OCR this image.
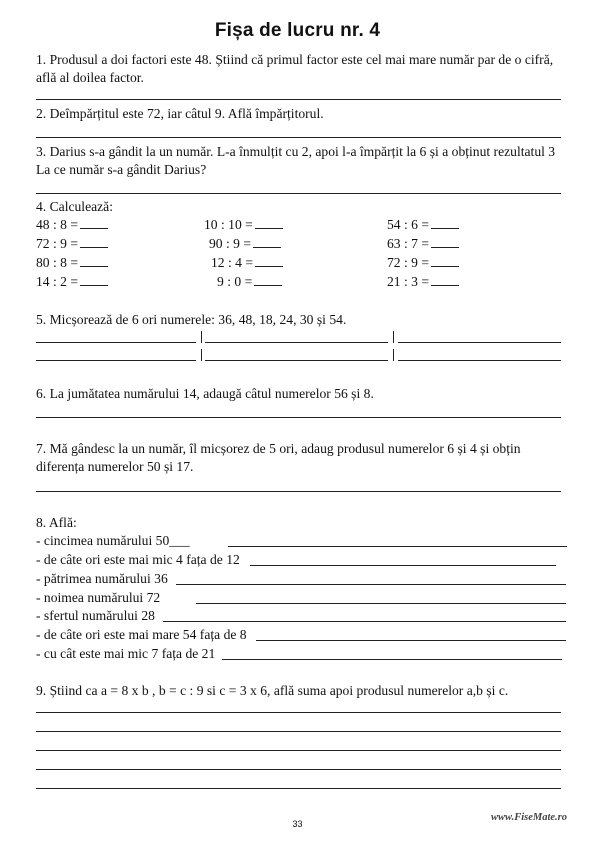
Fișa de lucru nr. 4
1. Produsul a doi factori este 48. Știind că primul factor este cel mai mare număr par de o cifră,
află al doilea factor.
2. Deîmpărțitul este 72, iar câtul 9. Află împărțitorul.
3. Darius s-a gândit la un număr. L-a înmulțit cu 2, apoi l-a împărțit la 6 și a obținut rezultatul 3
La ce număr s-a gândit Darius?
4. Calculează:
48 : 8 =
72 : 9 =
80 : 8 =
14 : 2 =
10 : 10 =
90 : 9 =
12 : 4 =
9 : 0 =
54 : 6 =
63 : 7 =
72 : 9 =
21 : 3 =
5. Micșorează de 6 ori numerele: 36, 48, 18, 24, 30 și 54.
6. La jumătatea numărului 14, adaugă câtul numerelor 56 și 8.
7. Mă gândesc la un număr, îl micșorez de 5 ori, adaug produsul numerelor 6 și 4 și obțin
diferența numerelor 50 și 17.
8. Află:
- cincimea numărului 50___
- de câte ori este mai mic 4 fața de 12
- pătrimea numărului 36
- noimea numărului 72
- sfertul numărului 28
- de câte ori este mai mare 54 fața de 8
- cu cât este mai mic 7 fața de 21
9. Știind ca a = 8 x b , b = c : 9 si c = 3 x 6, află suma apoi produsul numerelor a,b și c.
33
www.FiseMate.ro
